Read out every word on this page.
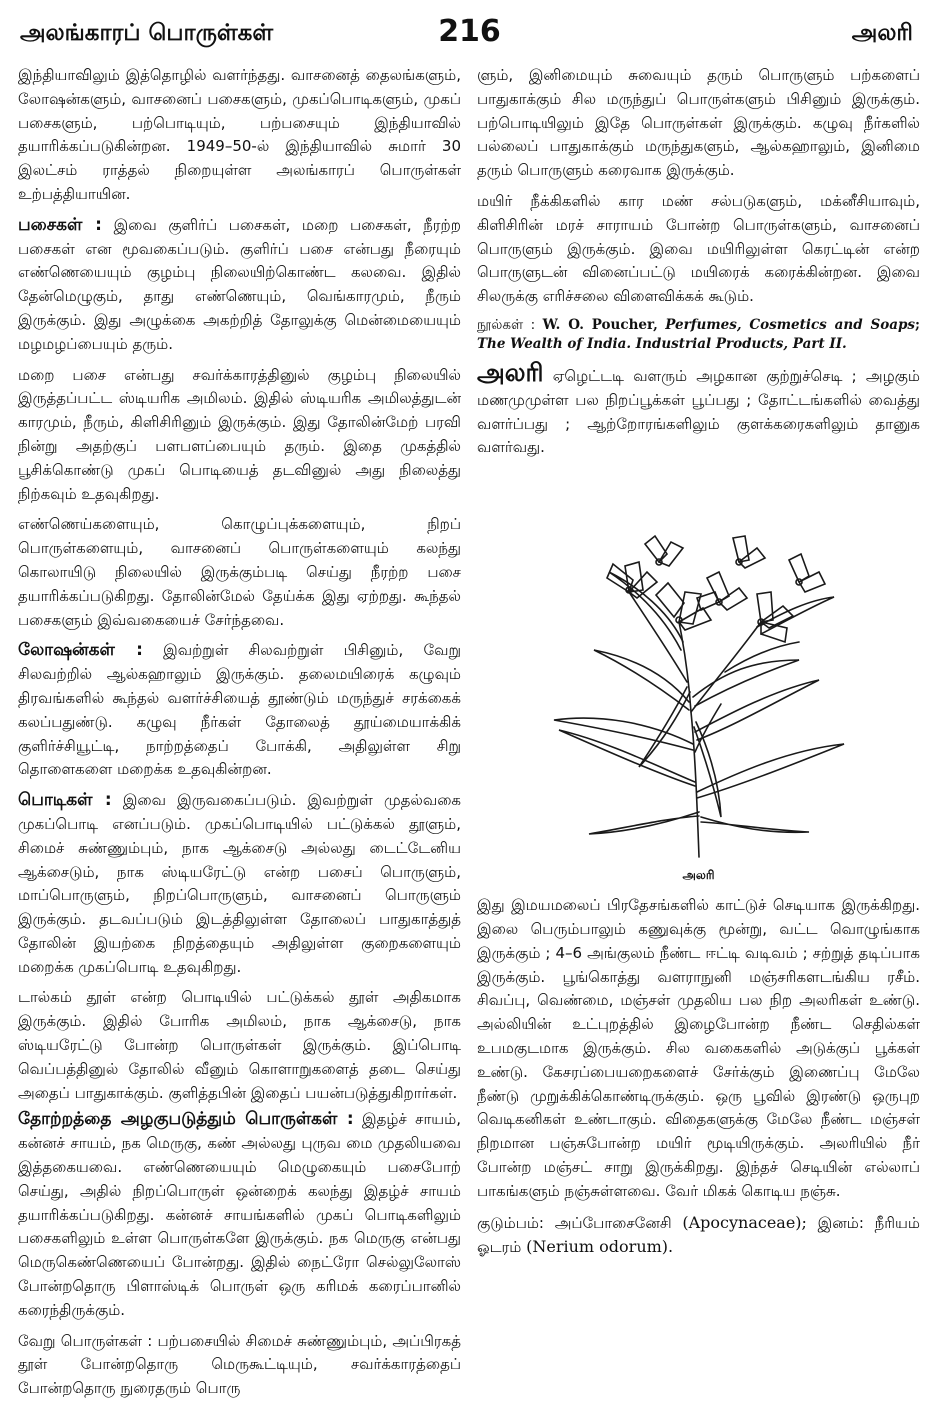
அலங்காரப் பொருள்கள்	216	அலரி

இந்தியாவிலும் இத்தொழில் வளர்ந்தது. வாசனைத் தைலங்களும், லோஷன்களும், வாசனைப் பசைகளும், முகப்பொடிகளும், முகப் பசைகளும், பற்பொடியும், பற்பசையும் இந்தியாவில் தயாரிக்கப்படுகின்றன. 1949–50-ல் இந்தியாவில் சுமார் 30 இலட்சம் ராத்தல் நிறையுள்ள அலங்காரப் பொருள்கள் உற்பத்தியாயின.

பசைகள் : இவை குளிர்ப் பசைகள், மறை பசைகள், நீரற்ற பசைகள் என மூவகைப்படும். குளிர்ப் பசை என்பது நீரையும் எண்ணெயையும் குழம்பு நிலையிற்கொண்ட கலவை. இதில் தேன்மெழுகும், தாது எண்ணெயும், வெங்காரமும், நீரும் இருக்கும். இது அழுக்கை அகற்றித் தோலுக்கு மென்மையையும் மழமழப்பையும் தரும்.

மறை பசை என்பது சவர்க்காரத்தினுல் குழம்பு நிலையில் இருத்தப்பட்ட ஸ்டியரிக அமிலம். இதில் ஸ்டியரிக அமிலத்துடன் காரமும், நீரும், கிளிசிரினும் இருக்கும். இது தோலின்மேற் பரவி நின்று அதற்குப் பளபளப்பையும் தரும். இதை முகத்தில் பூசிக்கொண்டு முகப் பொடியைத் தடவினுல் அது நிலைத்து நிற்கவும் உதவுகிறது.

எண்ணெய்களையும், கொழுப்புக்களையும், நிறப் பொருள்களையும், வாசனைப் பொருள்களையும் கலந்து கொலாயிடு நிலையில் இருக்கும்படி செய்து நீரற்ற பசை தயாரிக்கப்படுகிறது. தோலின்மேல் தேய்க்க இது ஏற்றது. கூந்தல் பசைகளும் இவ்வகையைச் சேர்ந்தவை.

லோஷன்கள் : இவற்றுள் சிலவற்றுள் பிசினும், வேறு சிலவற்றில் ஆல்கஹாலும் இருக்கும். தலைமயிரைக் கழுவும் திரவங்களில் கூந்தல் வளர்ச்சியைத் தூண்டும் மருந்துச் சரக்கைக் கலப்பதுண்டு. கழுவு நீர்கள் தோலைத் தூய்மையாக்கிக் குளிர்ச்சியூட்டி, நாற்றத்தைப் போக்கி, அதிலுள்ள சிறு தொளைகளை மறைக்க உதவுகின்றன.

பொடிகள் : இவை இருவகைப்படும். இவற்றுள் முதல்வகை முகப்பொடி எனப்படும். முகப்பொடியில் பட்டுக்கல் தூளும், சிமைச் சுண்ணும்பும், நாக ஆக்சைடு அல்லது டைட்டேனிய ஆக்சைடும், நாக ஸ்டியரேட்டு என்ற பசைப் பொருளும், மாப்பொருளும், நிறப்பொருளும், வாசனைப் பொருளும் இருக்கும். தடவப்படும் இடத்திலுள்ள தோலைப் பாதுகாத்துத் தோலின் இயற்கை நிறத்தையும் அதிலுள்ள குறைகளையும் மறைக்க முகப்பொடி உதவுகிறது.

டால்கம் தூள் என்ற பொடியில் பட்டுக்கல் தூள் அதிகமாக இருக்கும். இதில் போரிக அமிலம், நாக ஆக்சைடு, நாக ஸ்டியரேட்டு போன்ற பொருள்கள் இருக்கும். இப்பொடி வெப்பத்தினுல் தோலில் வீனும் கொளாறுகளைத் தடை செய்து அதைப் பாதுகாக்கும். குளித்தபின் இதைப் பயன்படுத்துகிறார்கள்.

தோற்றத்தை அழகுபடுத்தும் பொருள்கள் : இதழ்ச் சாயம், கன்னச் சாயம், நக மெருகு, கண் அல்லது புருவ மை முதலியவை இத்தகையவை. எண்ணெயையும் மெழுகையும் பசைபோற் செய்து, அதில் நிறப்பொருள் ஒன்றைக் கலந்து இதழ்ச் சாயம் தயாரிக்கப்படுகிறது. கன்னச் சாயங்களில் முகப் பொடிகளிலும் பசைகளிலும் உள்ள பொருள்களே இருக்கும். நக மெருகு என்பது மெருகெண்ணெயைப் போன்றது. இதில் நைட்ரோ செல்லுலோஸ் போன்றதொரு பிளாஸ்டிக் பொருள் ஒரு கரிமக் கரைப்பானில் கரைந்திருக்கும்.

வேறு பொருள்கள் : பற்பசையில் சிமைச் சுண்ணும்பும், அப்பிரகத் தூள் போன்றதொரு மெருகூட்டியும், சவர்க்காரத்தைப் போன்றதொரு நுரைதரும் பொரு

ளும், இனிமையும் சுவையும் தரும் பொருளும் பற்களைப் பாதுகாக்கும் சில மருந்துப் பொருள்களும் பிசினும் இருக்கும். பற்பொடியிலும் இதே பொருள்கள் இருக்கும். கழுவு நீர்களில் பல்லைப் பாதுகாக்கும் மருந்துகளும், ஆல்கஹாலும், இனிமை தரும் பொருளும் கரைவாக இருக்கும்.

மயிர் நீக்கிகளில் கார மண் சல்படுகளும், மக்னீசியாவும், கிளிசிரின் மரச் சாராயம் போன்ற பொருள்களும், வாசனைப் பொருளும் இருக்கும். இவை மயிரிலுள்ள கெரட்டின் என்ற பொருளுடன் வினைப்பட்டு மயிரைக் கரைக்கின்றன. இவை சிலருக்கு எரிச்சலை விளைவிக்கக் கூடும்.

நூல்கள் : W. O. Poucher, Perfumes, Cosmetics and Soaps; The Wealth of India. Industrial Products, Part II.

அலரி ஏழெட்டடி வளரும் அழகான குற்றுச்செடி ; அழகும் மணமுமுள்ள பல நிறப்பூக்கள் பூப்பது ; தோட்டங்களில் வைத்து வளர்ப்பது ; ஆற்றோரங்களிலும் குளக்கரைகளிலும் தானுக வளர்வது.

அலரி

இது இமயமலைப் பிரதேசங்களில் காட்டுச் செடியாக இருக்கிறது. இலை பெரும்பாலும் கணுவுக்கு மூன்று, வட்ட வொழுங்காக இருக்கும் ; 4–6 அங்குலம் நீண்ட ஈட்டி வடிவம் ; சற்றுத் தடிப்பாக இருக்கும். பூங்கொத்து வளராநுனி மஞ்சரிகளடங்கிய ரசீம். சிவப்பு, வெண்மை, மஞ்சள் முதலிய பல நிற அலரிகள் உண்டு. அல்லியின் உட்புறத்தில் இழைபோன்ற நீண்ட செதில்கள் உபமகுடமாக இருக்கும். சில வகைகளில் அடுக்குப் பூக்கள் உண்டு. கேசரப்பையறைகளைச் சேர்க்கும் இணைப்பு மேலே நீண்டு முறுக்கிக்கொண்டிருக்கும். ஒரு பூவில் இரண்டு ஒருபுற வெடிகனிகள் உண்டாகும். விதைகளுக்கு மேலே நீண்ட மஞ்சள் நிறமான பஞ்சுபோன்ற மயிர் மூடியிருக்கும். அலரியில் நீர் போன்ற மஞ்சட் சாறு இருக்கிறது. இந்தச் செடியின் எல்லாப் பாகங்களும் நஞ்சுள்ளவை. வேர் மிகக் கொடிய நஞ்சு.

குடும்பம்: அப்போசைனேசி (Apocynaceae); இனம்: நீரியம் ஓடரம் (Nerium odorum).
